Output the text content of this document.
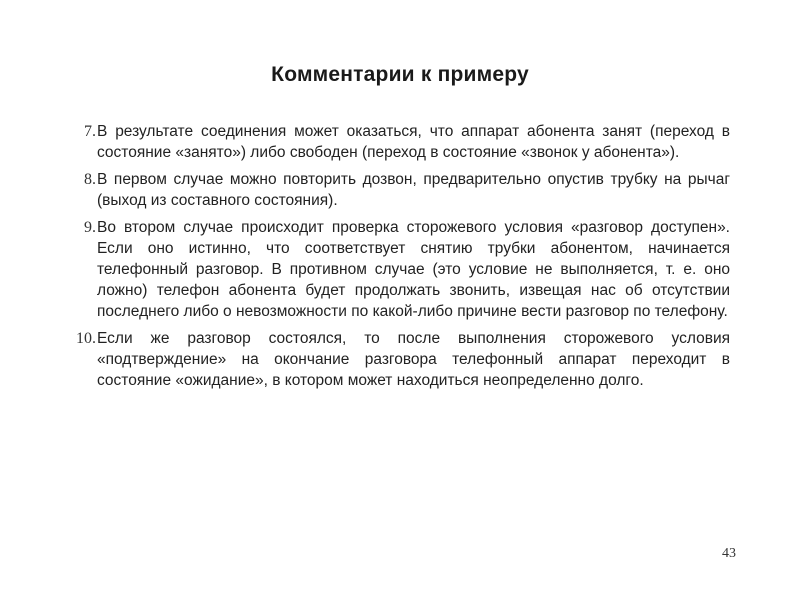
Комментарии к примеру
7. В результате соединения может оказаться, что аппарат абонента занят (переход в состояние «занято») либо свободен (переход в состояние «звонок у абонента»).
8. В первом случае можно повторить дозвон, предварительно опустив трубку на рычаг (выход из составного состояния).
9. Во втором случае происходит проверка сторожевого условия «разговор доступен». Если оно истинно, что соответствует снятию трубки абонентом, начинается телефонный разговор. В противном случае (это условие не выполняется, т. е. оно ложно) телефон абонента будет продолжать звонить, извещая нас об отсутствии последнего либо о невозможности по какой-либо причине вести разговор по телефону.
10. Если же разговор состоялся, то после выполнения сторожевого условия «подтверждение» на окончание разговора телефонный аппарат переходит в состояние «ожидание», в котором может находиться неопределенно долго.
43
